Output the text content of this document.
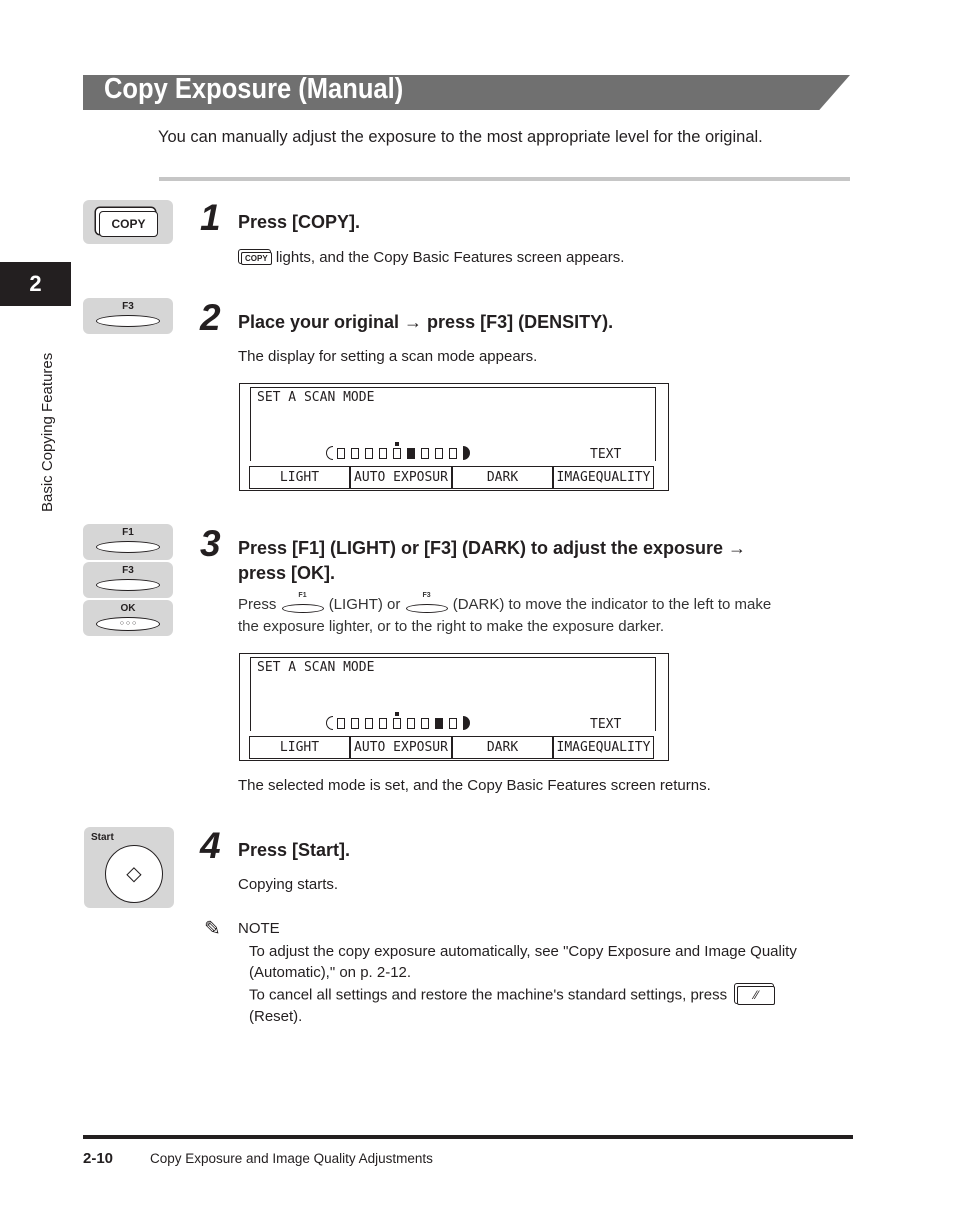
Copy Exposure (Manual)
You can manually adjust the exposure to the most appropriate level for the original.
2
Basic Copying Features
COPY	1 Press [COPY].
COPY lights, and the Copy Basic Features screen appears.
F3	2 Place your original → press [F3] (DENSITY).
The display for setting a scan mode appears.
SET A SCAN MODE
TEXT
LIGHT	AUTO EXPOSUR	DARK	IMAGEQUALITY
F1
F3
OK
○ ○ ○
3 Press [F1] (LIGHT) or [F3] (DARK) to adjust the exposure →
press [OK].
Press
F1
(LIGHT) or
F3
(DARK) to move the indicator to the left to make
the exposure lighter, or to the right to make the exposure darker.
SET A SCAN MODE
TEXT
LIGHT	AUTO EXPOSUR	DARK	IMAGEQUALITY
The selected mode is set, and the Copy Basic Features screen returns.
Start
◇
4 Press [Start].
Copying starts.
✎ NOTE
To adjust the copy exposure automatically, see "Copy Exposure and Image Quality
(Automatic)," on p. 2-12.
To cancel all settings and restore the machine's standard settings, press ⁄⁄
(Reset).
2-10	Copy Exposure and Image Quality Adjustments
